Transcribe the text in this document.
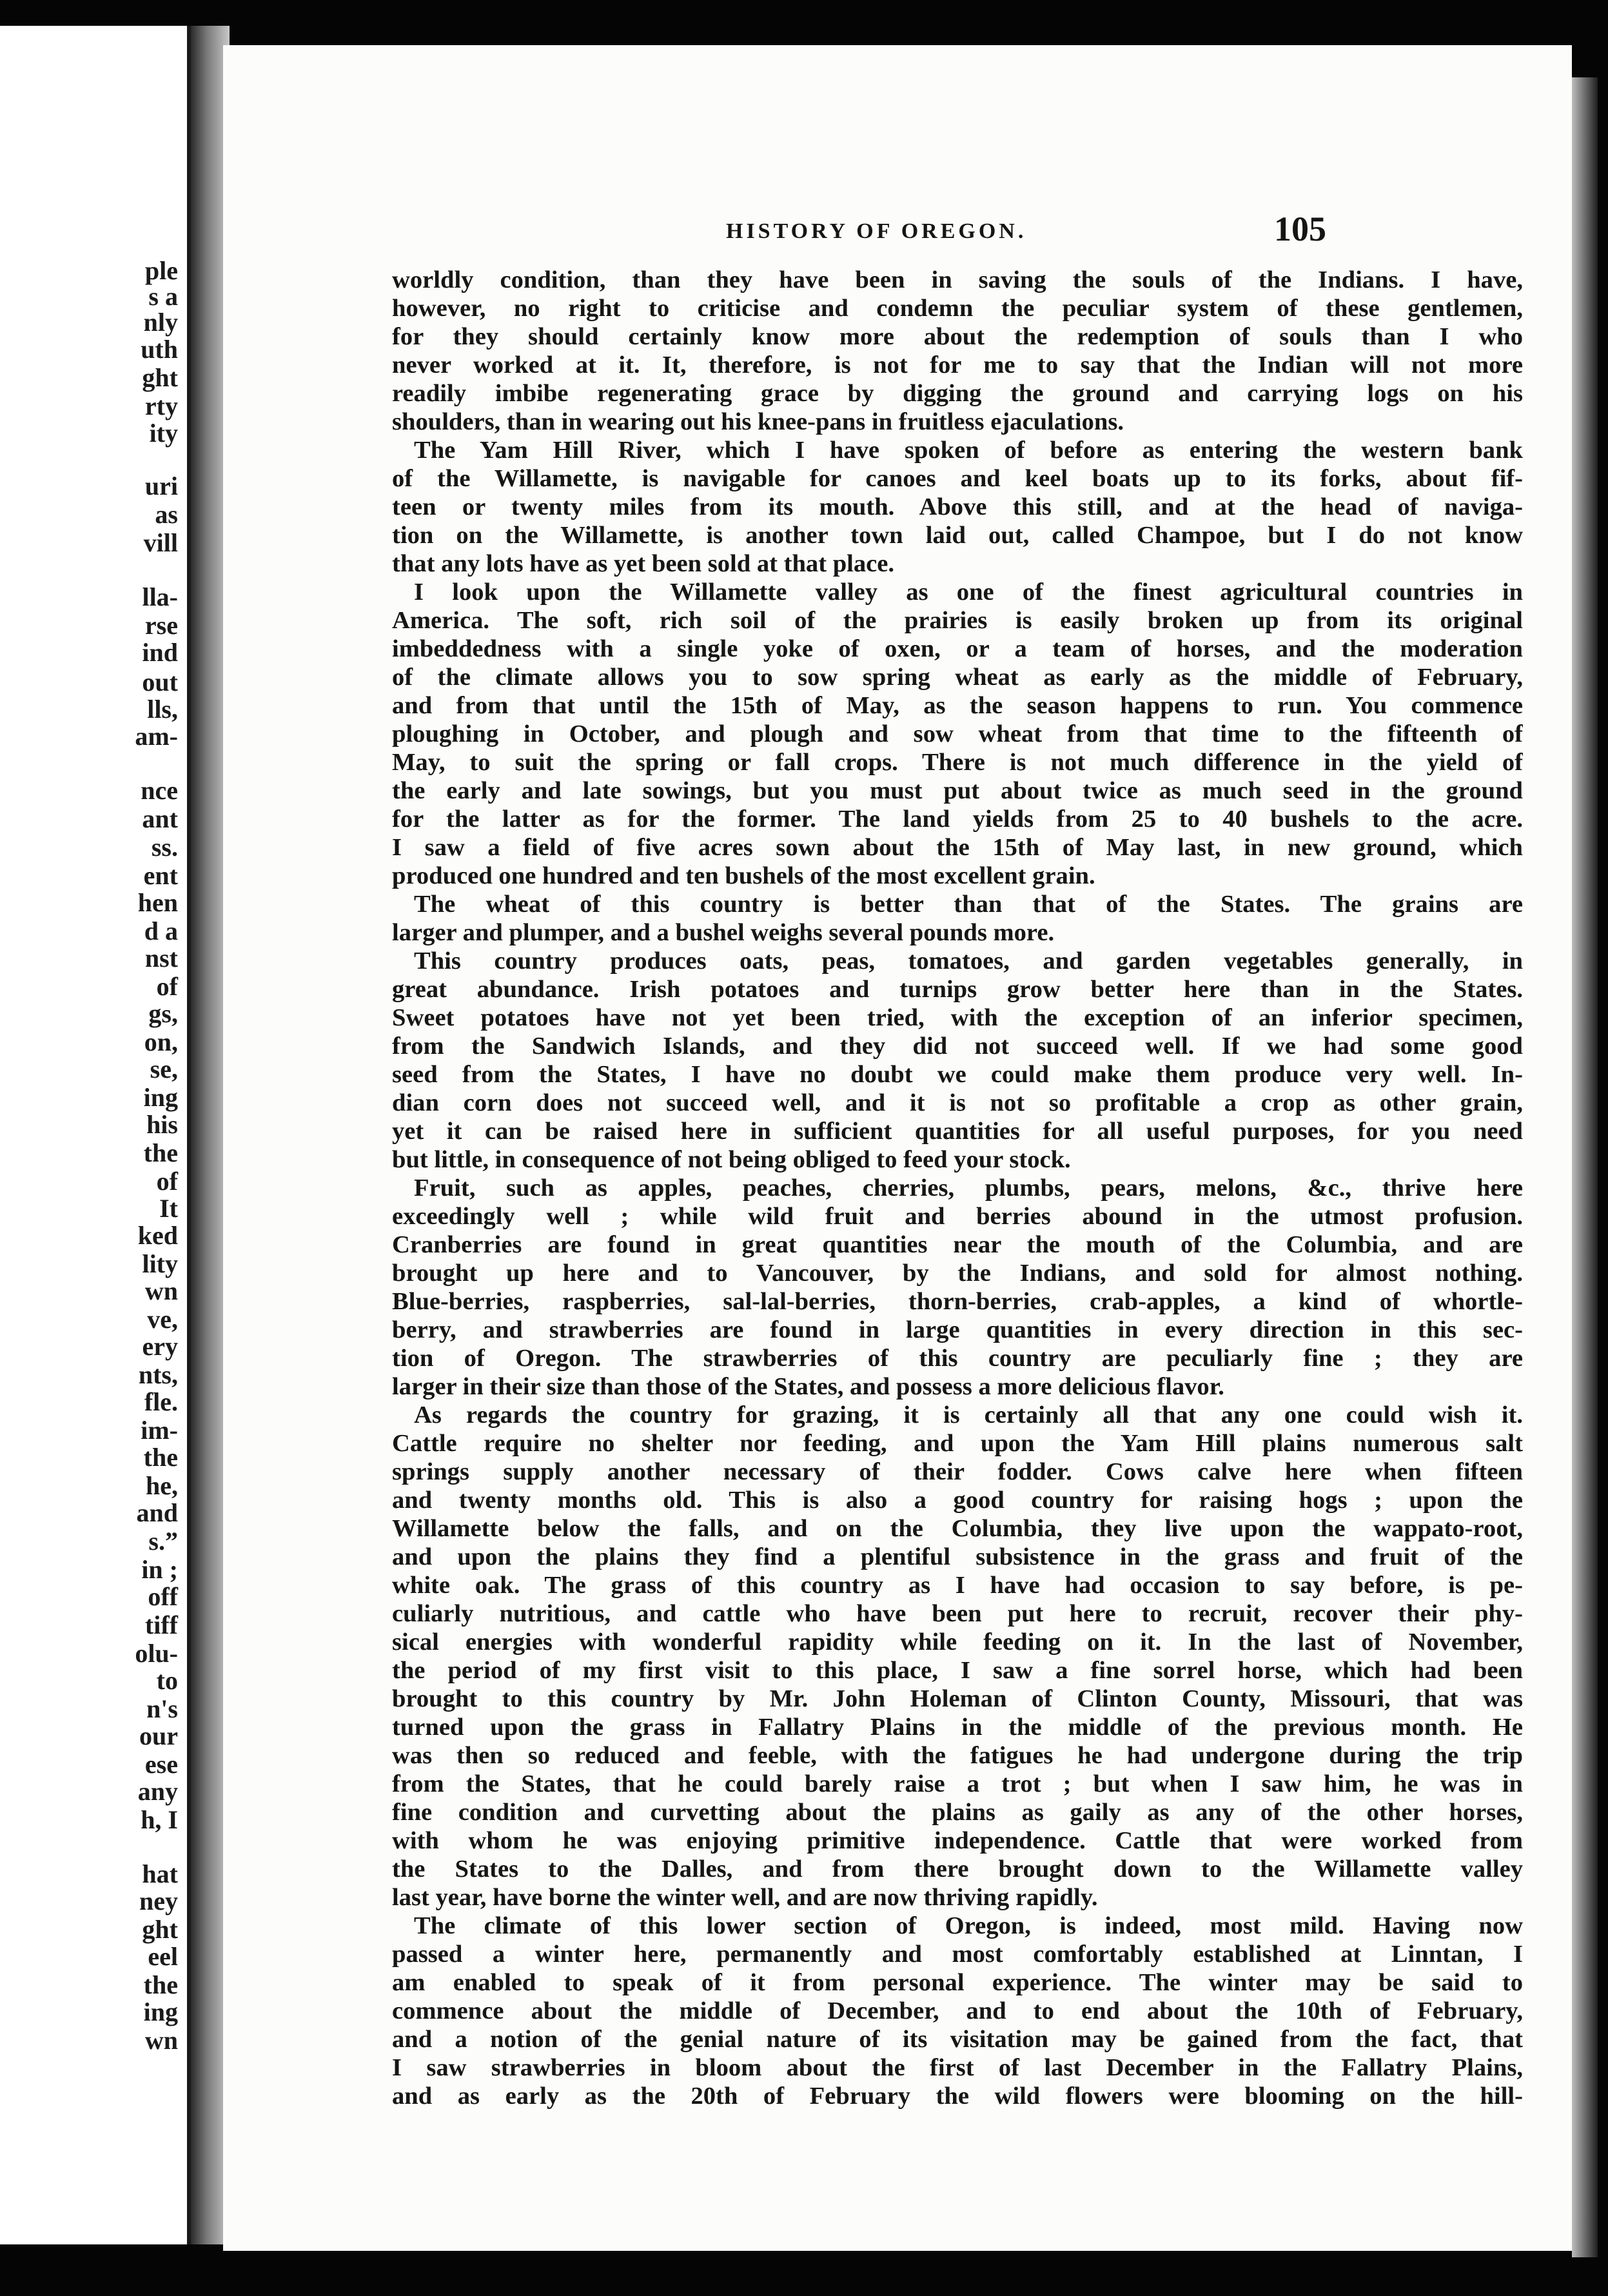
ple
s a
nly
uth
ght
rty
ity
uri
as
vill
lla-
rse
ind
out
lls,
am-
nce
ant
ss.
ent
hen
d a
nst
of
gs,
on,
se,
ing
his
the
of
It
ked
lity
wn
ve,
ery
nts,
fle.
im-
the
he,
and
s.”
in ;
off
tiff
olu-
to
n's
our
ese
any
h, I
hat
ney
ght
eel
the
ing
wn
HISTORY OF OREGON.	105
worldly condition, than they have been in saving the souls of the Indians. I have,
however, no right to criticise and condemn the peculiar system of these gentlemen,
for they should certainly know more about the redemption of souls than I who
never worked at it. It, therefore, is not for me to say that the Indian will not more
readily imbibe regenerating grace by digging the ground and carrying logs on his
shoulders, than in wearing out his knee-pans in fruitless ejaculations.
The Yam Hill River, which I have spoken of before as entering the western bank
of the Willamette, is navigable for canoes and keel boats up to its forks, about fif-
teen or twenty miles from its mouth. Above this still, and at the head of naviga-
tion on the Willamette, is another town laid out, called Champoe, but I do not know
that any lots have as yet been sold at that place.
I look upon the Willamette valley as one of the finest agricultural countries in
America. The soft, rich soil of the prairies is easily broken up from its original
imbeddedness with a single yoke of oxen, or a team of horses, and the moderation
of the climate allows you to sow spring wheat as early as the middle of February,
and from that until the 15th of May, as the season happens to run. You commence
ploughing in October, and plough and sow wheat from that time to the fifteenth of
May, to suit the spring or fall crops. There is not much difference in the yield of
the early and late sowings, but you must put about twice as much seed in the ground
for the latter as for the former. The land yields from 25 to 40 bushels to the acre.
I saw a field of five acres sown about the 15th of May last, in new ground, which
produced one hundred and ten bushels of the most excellent grain.
The wheat of this country is better than that of the States. The grains are
larger and plumper, and a bushel weighs several pounds more.
This country produces oats, peas, tomatoes, and garden vegetables generally, in
great abundance. Irish potatoes and turnips grow better here than in the States.
Sweet potatoes have not yet been tried, with the exception of an inferior specimen,
from the Sandwich Islands, and they did not succeed well. If we had some good
seed from the States, I have no doubt we could make them produce very well. In-
dian corn does not succeed well, and it is not so profitable a crop as other grain,
yet it can be raised here in sufficient quantities for all useful purposes, for you need
but little, in consequence of not being obliged to feed your stock.
Fruit, such as apples, peaches, cherries, plumbs, pears, melons, &c., thrive here
exceedingly well ; while wild fruit and berries abound in the utmost profusion.
Cranberries are found in great quantities near the mouth of the Columbia, and are
brought up here and to Vancouver, by the Indians, and sold for almost nothing.
Blue-berries, raspberries, sal-lal-berries, thorn-berries, crab-apples, a kind of whortle-
berry, and strawberries are found in large quantities in every direction in this sec-
tion of Oregon. The strawberries of this country are peculiarly fine ; they are
larger in their size than those of the States, and possess a more delicious flavor.
As regards the country for grazing, it is certainly all that any one could wish it.
Cattle require no shelter nor feeding, and upon the Yam Hill plains numerous salt
springs supply another necessary of their fodder. Cows calve here when fifteen
and twenty months old. This is also a good country for raising hogs ; upon the
Willamette below the falls, and on the Columbia, they live upon the wappato-root,
and upon the plains they find a plentiful subsistence in the grass and fruit of the
white oak. The grass of this country as I have had occasion to say before, is pe-
culiarly nutritious, and cattle who have been put here to recruit, recover their phy-
sical energies with wonderful rapidity while feeding on it. In the last of November,
the period of my first visit to this place, I saw a fine sorrel horse, which had been
brought to this country by Mr. John Holeman of Clinton County, Missouri, that was
turned upon the grass in Fallatry Plains in the middle of the previous month. He
was then so reduced and feeble, with the fatigues he had undergone during the trip
from the States, that he could barely raise a trot ; but when I saw him, he was in
fine condition and curvetting about the plains as gaily as any of the other horses,
with whom he was enjoying primitive independence. Cattle that were worked from
the States to the Dalles, and from there brought down to the Willamette valley
last year, have borne the winter well, and are now thriving rapidly.
The climate of this lower section of Oregon, is indeed, most mild. Having now
passed a winter here, permanently and most comfortably established at Linntan, I
am enabled to speak of it from personal experience. The winter may be said to
commence about the middle of December, and to end about the 10th of February,
and a notion of the genial nature of its visitation may be gained from the fact, that
I saw strawberries in bloom about the first of last December in the Fallatry Plains,
and as early as the 20th of February the wild flowers were blooming on the hill-
